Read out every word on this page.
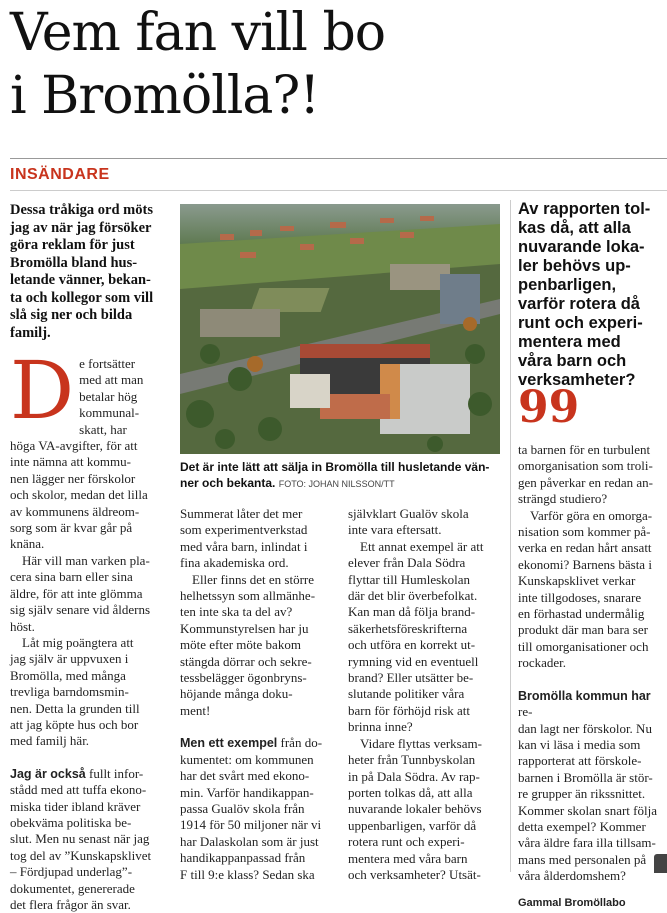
Vem fan vill bo
i Bromölla?!
INSÄNDARE
Dessa tråkiga ord möts
jag av när jag försöker
göra reklam för just
Bromölla bland hus-
letande vänner, bekan-
ta och kollegor som vill
slå sig ner och bilda
familj.
D e fortsätter
med att man
betalar hög
kommunal-
skatt, har
höga VA-avgifter, för att
inte nämna att kommu-
nen lägger ner förskolor
och skolor, medan det lilla
av kommunens äldreom-
sorg som är kvar går på
knäna.
Här vill man varken pla-
cera sina barn eller sina
äldre, för att inte glömma
sig själv senare vid ålderns
höst.
Låt mig poängtera att
jag själv är uppvuxen i
Bromölla, med många
trevliga barndomsmin-
nen. Detta la grunden till
att jag köpte hus och bor
med familj här.
Jag är också fullt infor-
stådd med att tuffa ekono-
miska tider ibland kräver
obekväma politiska be-
slut. Men nu senast när jag
tog del av ”Kunskapsklivet
– Fördjupad underlag”-
dokumentet, genererade
det flera frågor än svar.
Det är inte lätt att sälja in Bromölla till husletande vän-ner och bekanta. FOTO: JOHAN NILSSON/TT
Summerat låter det mer
som experimentverkstad
med våra barn, inlindat i
fina akademiska ord.
Eller finns det en större
helhetssyn som allmänhe-
ten inte ska ta del av?
Kommunstyrelsen har ju
möte efter möte bakom
stängda dörrar och sekre-
tessbelägger ögonbryns-
höjande många doku-
ment!
Men ett exempel från do-
kumentet: om kommunen
har det svårt med ekono-
min. Varför handikappan-
passa Gualöv skola från
1914 för 50 miljoner när vi
har Dalaskolan som är just
handikappanpassad från
F till 9:e klass? Sedan ska
självklart Gualöv skola
inte vara eftersatt.
Ett annat exempel är att
elever från Dala Södra
flyttar till Humleskolan
där det blir överbefolkat.
Kan man då följa brand-
säkerhetsföreskrifterna
och utföra en korrekt ut-
rymning vid en eventuell
brand? Eller utsätter be-
slutande politiker våra
barn för förhöjd risk att
brinna inne?
Vidare flyttas verksam-
heter från Tunnbyskolan
in på Dala Södra. Av rap-
porten tolkas då, att alla
nuvarande lokaler behövs
uppenbarligen, varför då
rotera runt och experi-
mentera med våra barn
och verksamheter? Utsät-
Av rapporten tol-
kas då, att alla
nuvarande loka-
ler behövs up-
penbarligen,
varför rotera då
runt och experi-
mentera med
våra barn och
verksamheter?
99
ta barnen för en turbulent
omorganisation som troli-
gen påverkar en redan an-
strängd studiero?
Varför göra en omorga-
nisation som kommer på-
verka en redan hårt ansatt
ekonomi? Barnens bästa i
Kunskapsklivet verkar
inte tillgodoses, snarare
en förhastad undermålig
produkt där man bara ser
till omorganisationer och
rockader.
Bromölla kommun har re-
dan lagt ner förskolor. Nu
kan vi läsa i media som
rapporterat att förskole-
barnen i Bromölla är stör-
re grupper än rikssnittet.
Kommer skolan snart följa
detta exempel? Kommer
våra äldre fara illa tillsam-
mans med personalen på
våra ålderdomshem?
Gammal Bromöllabo
